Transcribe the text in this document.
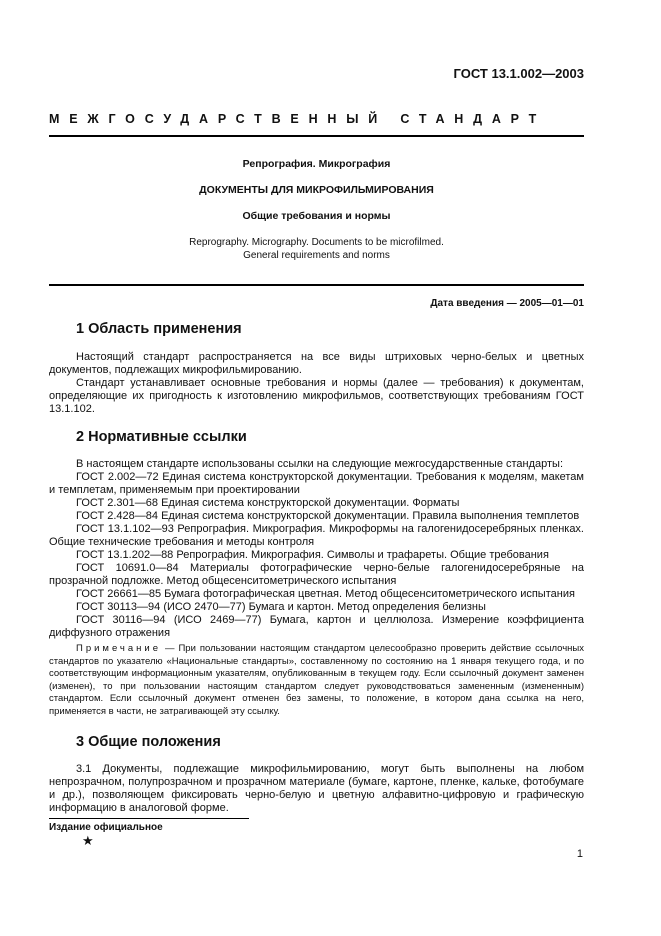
ГОСТ 13.1.002—2003
МЕЖГОСУДАРСТВЕННЫЙ СТАНДАРТ
Репрография. Микрография
ДОКУМЕНТЫ ДЛЯ МИКРОФИЛЬМИРОВАНИЯ
Общие требования и нормы
Reprography. Micrography. Documents to be microfilmed.
General requirements and norms
Дата введения — 2005—01—01
1 Область применения

Настоящий стандарт распространяется на все виды штриховых черно-белых и цветных документов, подлежащих микрофильмированию.

Стандарт устанавливает основные требования и нормы (далее — требования) к документам, определяющие их пригодность к изготовлению микрофильмов, соответствующих требованиям ГОСТ 13.1.102.

2 Нормативные ссылки

В настоящем стандарте использованы ссылки на следующие межгосударственные стандарты:

ГОСТ 2.002—72 Единая система конструкторской документации. Требования к моделям, макетам и темплетам, применяемым при проектировании

ГОСТ 2.301—68 Единая система конструкторской документации. Форматы

ГОСТ 2.428—84 Единая система конструкторской документации. Правила выполнения темплетов

ГОСТ 13.1.102—93 Репрография. Микрография. Микроформы на галогенидосеребряных пленках. Общие технические требования и методы контроля

ГОСТ 13.1.202—88 Репрография. Микрография. Символы и трафареты. Общие требования

ГОСТ 10691.0—84 Материалы фотографические черно-белые галогенидосеребряные на прозрачной подложке. Метод общесенситометрического испытания

ГОСТ 26661—85 Бумага фотографическая цветная. Метод общесенситометрического испытания

ГОСТ 30113—94 (ИСО 2470—77) Бумага и картон. Метод определения белизны

ГОСТ 30116—94 (ИСО 2469—77) Бумага, картон и целлюлоза. Измерение коэффициента диффузного отражения

Примечание — При пользовании настоящим стандартом целесообразно проверить действие ссылочных стандартов по указателю «Национальные стандарты», составленному по состоянию на 1 января текущего года, и по соответствующим информационным указателям, опубликованным в текущем году. Если ссылочный документ заменен (изменен), то при пользовании настоящим стандартом следует руководствоваться замененным (измененным) стандартом. Если ссылочный документ отменен без замены, то положение, в котором дана ссылка на него, применяется в части, не затрагивающей эту ссылку.

3 Общие положения

3.1 Документы, подлежащие микрофильмированию, могут быть выполнены на любом непрозрачном, полупрозрачном и прозрачном материале (бумаге, картоне, пленке, кальке, фотобумаге и др.), позволяющем фиксировать черно-белую и цветную алфавитно-цифровую и графическую информацию в аналоговой форме.

Издание официальное
★
1
